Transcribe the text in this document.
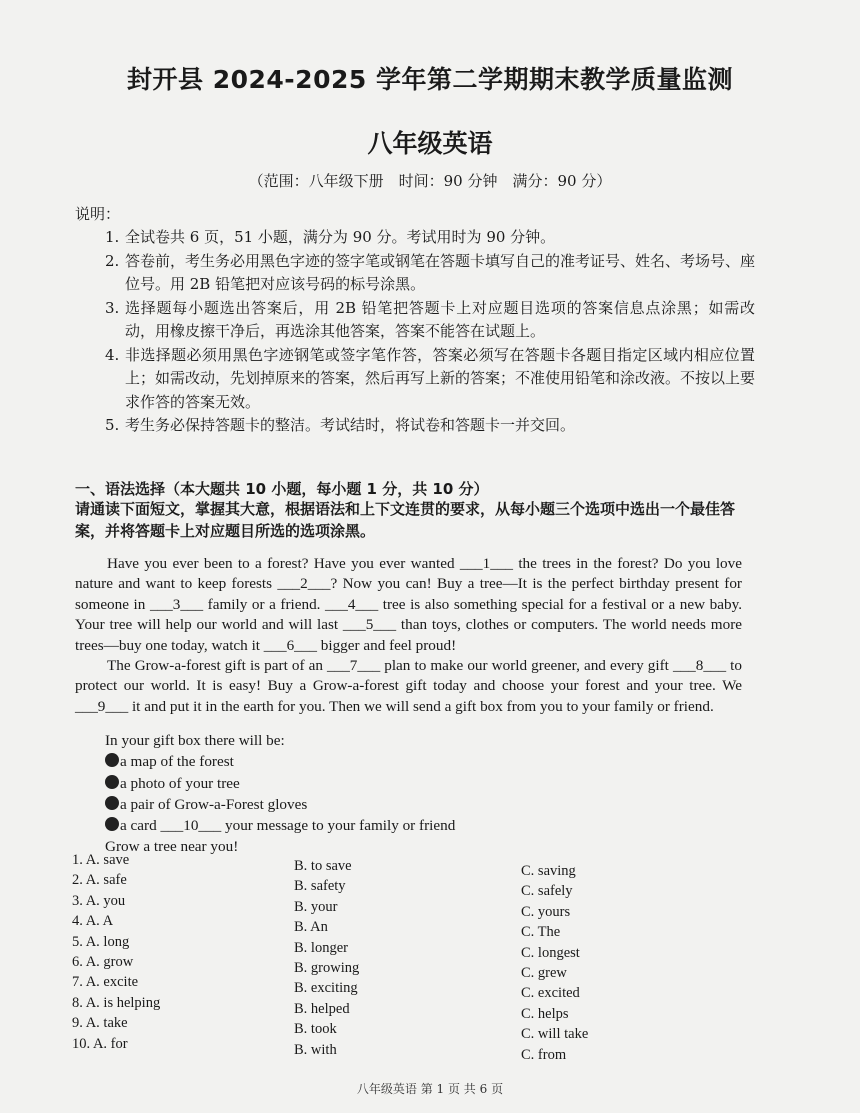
封开县 2024-2025 学年第二学期期末教学质量监测
八年级英语
（范围：八年级下册　时间：90 分钟　满分：90 分）
说明：
1. 全试卷共 6 页，51 小题，满分为 90 分。考试用时为 90 分钟。
2. 答卷前，考生务必用黑色字迹的签字笔或钢笔在答题卡填写自己的准考证号、姓名、考场号、座位号。用 2B 铅笔把对应该号码的标号涂黑。
3. 选择题每小题选出答案后，用 2B 铅笔把答题卡上对应题目选项的答案信息点涂黑；如需改动，用橡皮擦干净后，再选涂其他答案，答案不能答在试题上。
4. 非选择题必须用黑色字迹钢笔或签字笔作答，答案必须写在答题卡各题目指定区域内相应位置上；如需改动，先划掉原来的答案，然后再写上新的答案；不准使用铅笔和涂改液。不按以上要求作答的答案无效。
5. 考生务必保持答题卡的整洁。考试结时，将试卷和答题卡一并交回。
一、语法选择（本大题共 10 小题，每小题 1 分，共 10 分）
请通读下面短文，掌握其大意，根据语法和上下文连贯的要求，从每小题三个选项中选出一个最佳答案，并将答题卡上对应题目所选的选项涂黑。

Have you ever been to a forest? Have you ever wanted ___1___ the trees in the forest? Do you love nature and want to keep forests ___2___? Now you can! Buy a tree—It is the perfect birthday present for someone in ___3___ family or a friend. ___4___ tree is also something special for a festival or a new baby. Your tree will help our world and will last ___5___ than toys, clothes or computers. The world needs more trees—buy one today, watch it ___6___ bigger and feel proud!

The Grow-a-forest gift is part of an ___7___ plan to make our world greener, and every gift ___8___ to protect our world. It is easy! Buy a Grow-a-forest gift today and choose your forest and your tree. We ___9___ it and put it in the earth for you. Then we will send a gift box from you to your family or friend.

In your gift box there will be:
a map of the forest
a photo of your tree
a pair of Grow-a-Forest gloves
a card ___10___ your message to your family or friend
Grow a tree near you!
1. A. save
2. A. safe
3. A. you
4. A. A
5. A. long
6. A. grow
7. A. excite
8. A. is helping
9. A. take
10. A. for
B. to save
B. safety
B. your
B. An
B. longer
B. growing
B. exciting
B. helped
B. took
B. with
C. saving
C. safely
C. yours
C. The
C. longest
C. grew
C. excited
C. helps
C. will take
C. from
八年级英语 第 1 页 共 6 页
